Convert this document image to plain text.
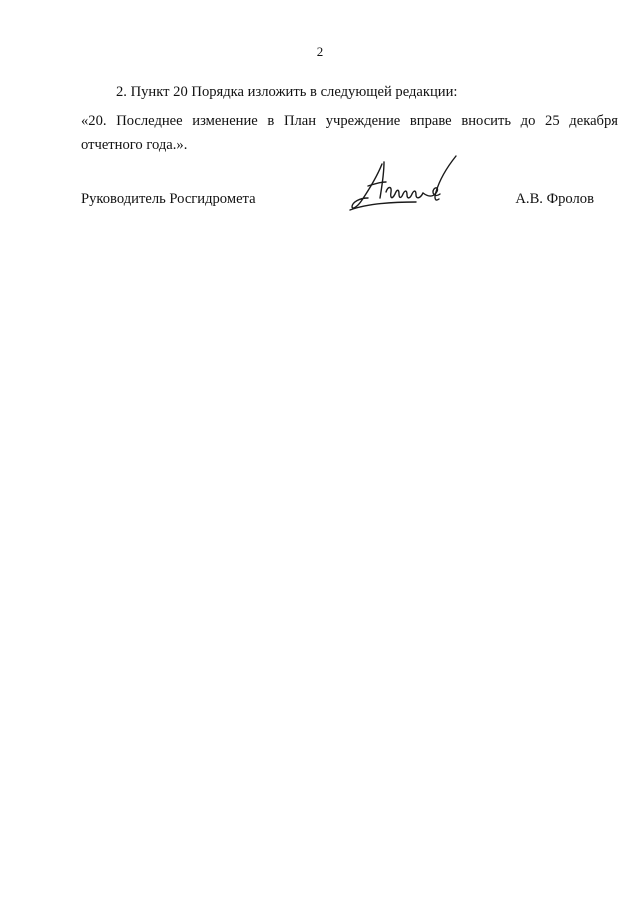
2
2. Пункт 20 Порядка изложить в следующей редакции:
«20. Последнее изменение в План учреждение вправе вносить до 25 декабря
отчетного года.».
Руководитель Росгидромета	А.В. Фролов
